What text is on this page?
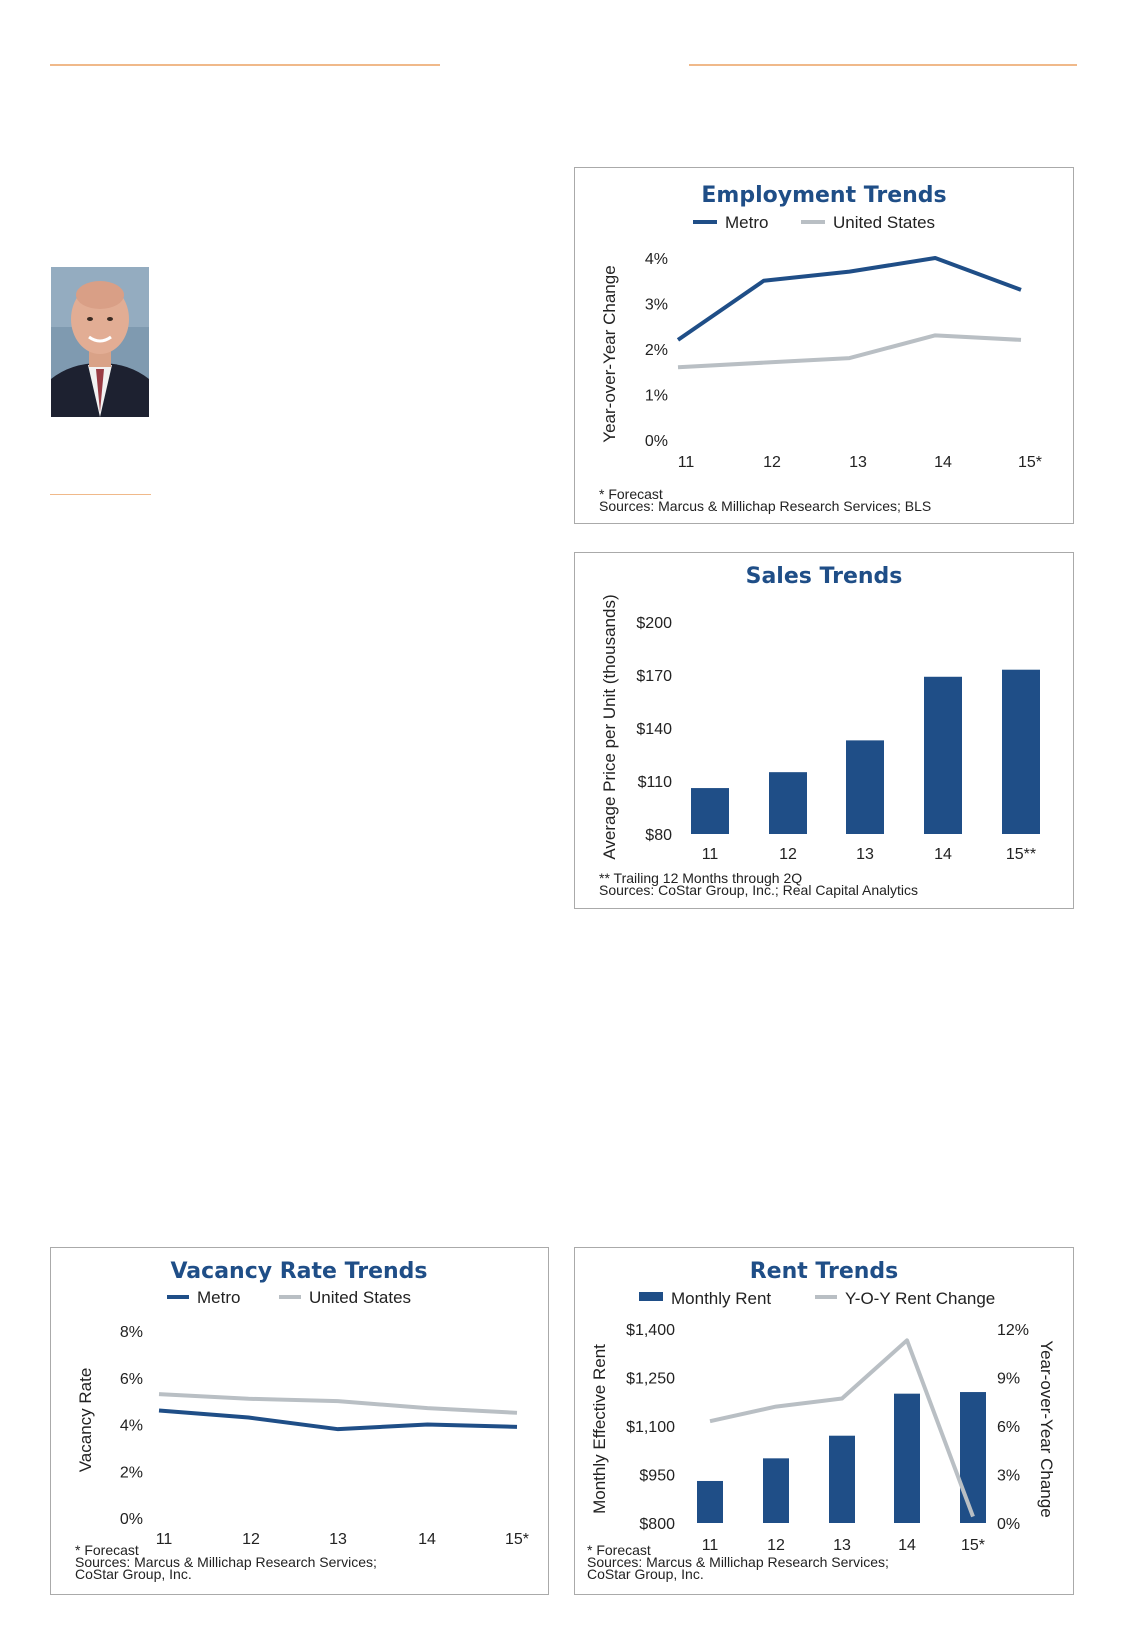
Employment Trends
Metro	United States
Year-over-Year Change
* Forecast
Sources: Marcus & Millichap Research Services; BLS
0%
1%
2%
3%
4%
11	12	13	14	15*
Sales Trends
Average Price per Unit (thousands)
** Trailing 12 Months through 2Q
Sources: CoStar Group, Inc.; Real Capital Analytics
$80
$110
$140
$170
$200
11	12	13	14	15**
Vacancy Rate Trends
Metro	United States
Vacancy Rate
* Forecast
Sources: Marcus & Millichap Research Services;
CoStar Group, Inc.
0%
2%
4%
6%
8%
11	12	13	14	15*
Rent Trends
Monthly Rent	Y-O-Y Rent Change
Monthly Effective Rent	Year-over-Year Change
* Forecast
Sources: Marcus & Millichap Research Services;
CoStar Group, Inc.
$800
$950
$1,100
$1,250
$1,400
0%
3%
6%
9%
12%
11	12	13	14	15*
